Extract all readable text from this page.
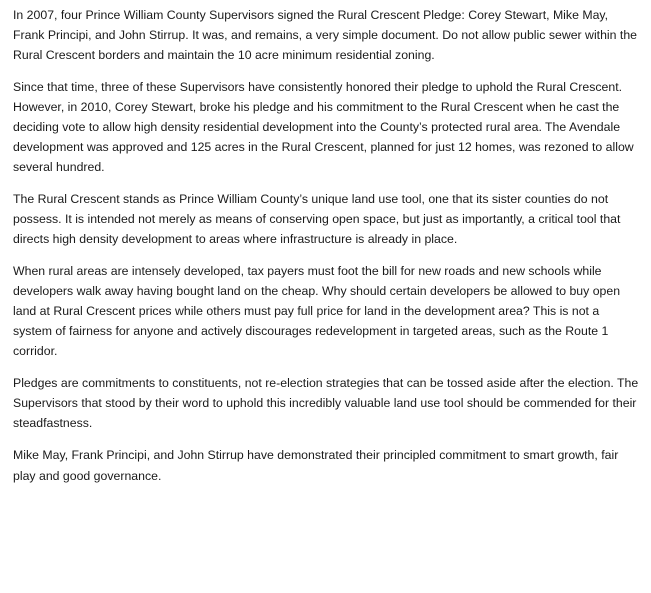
In 2007, four Prince William County Supervisors signed the Rural Crescent Pledge: Corey Stewart, Mike May, Frank Principi, and John Stirrup. It was, and remains, a very simple document. Do not allow public sewer within the Rural Crescent borders and maintain the 10 acre minimum residential zoning.

Since that time, three of these Supervisors have consistently honored their pledge to uphold the Rural Crescent. However, in 2010, Corey Stewart, broke his pledge and his commitment to the Rural Crescent when he cast the deciding vote to allow high density residential development into the County’s protected rural area. The Avendale development was approved and 125 acres in the Rural Crescent, planned for just 12 homes, was rezoned to allow several hundred.

The Rural Crescent stands as Prince William County’s unique land use tool, one that its sister counties do not possess. It is intended not merely as means of conserving open space, but just as importantly, a critical tool that directs high density development to areas where infrastructure is already in place.

When rural areas are intensely developed, tax payers must foot the bill for new roads and new schools while developers walk away having bought land on the cheap. Why should certain developers be allowed to buy open land at Rural Crescent prices while others must pay full price for land in the development area? This is not a system of fairness for anyone and actively discourages redevelopment in targeted areas, such as the Route 1 corridor.

Pledges are commitments to constituents, not re-election strategies that can be tossed aside after the election. The Supervisors that stood by their word to uphold this incredibly valuable land use tool should be commended for their steadfastness.

Mike May, Frank Principi, and John Stirrup have demonstrated their principled commitment to smart growth, fair play and good governance.
